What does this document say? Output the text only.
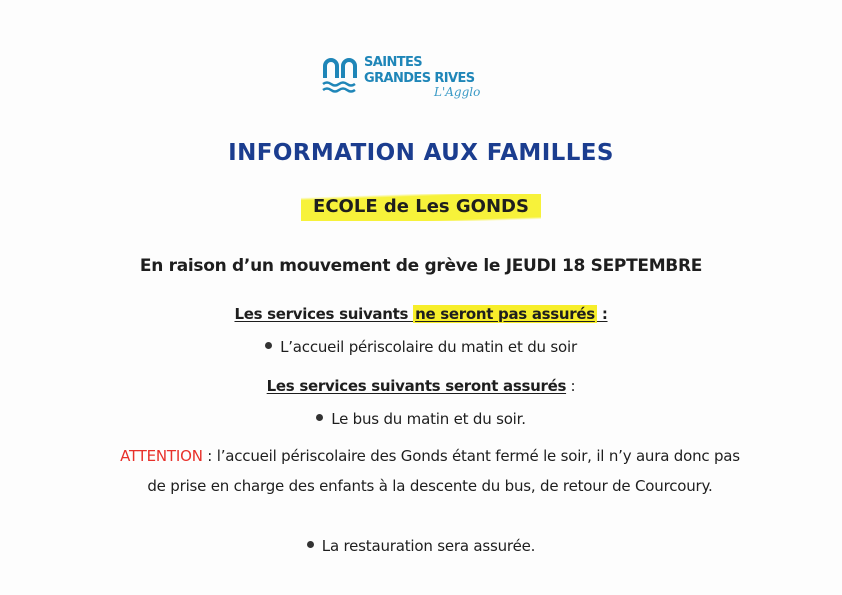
SAINTES
GRANDES RIVES
L'Agglo
INFORMATION AUX FAMILLES
ECOLE de Les GONDS
En raison d’un mouvement de grève le JEUDI 18 SEPTEMBRE
Les services suivants ne seront pas assurés :
L’accueil périscolaire du matin et du soir
Les services suivants seront assurés :
Le bus du matin et du soir.
ATTENTION : l’accueil périscolaire des Gonds étant fermé le soir, il n’y aura donc pas de prise en charge des enfants à la descente du bus, de retour de Courcoury.
La restauration sera assurée.
